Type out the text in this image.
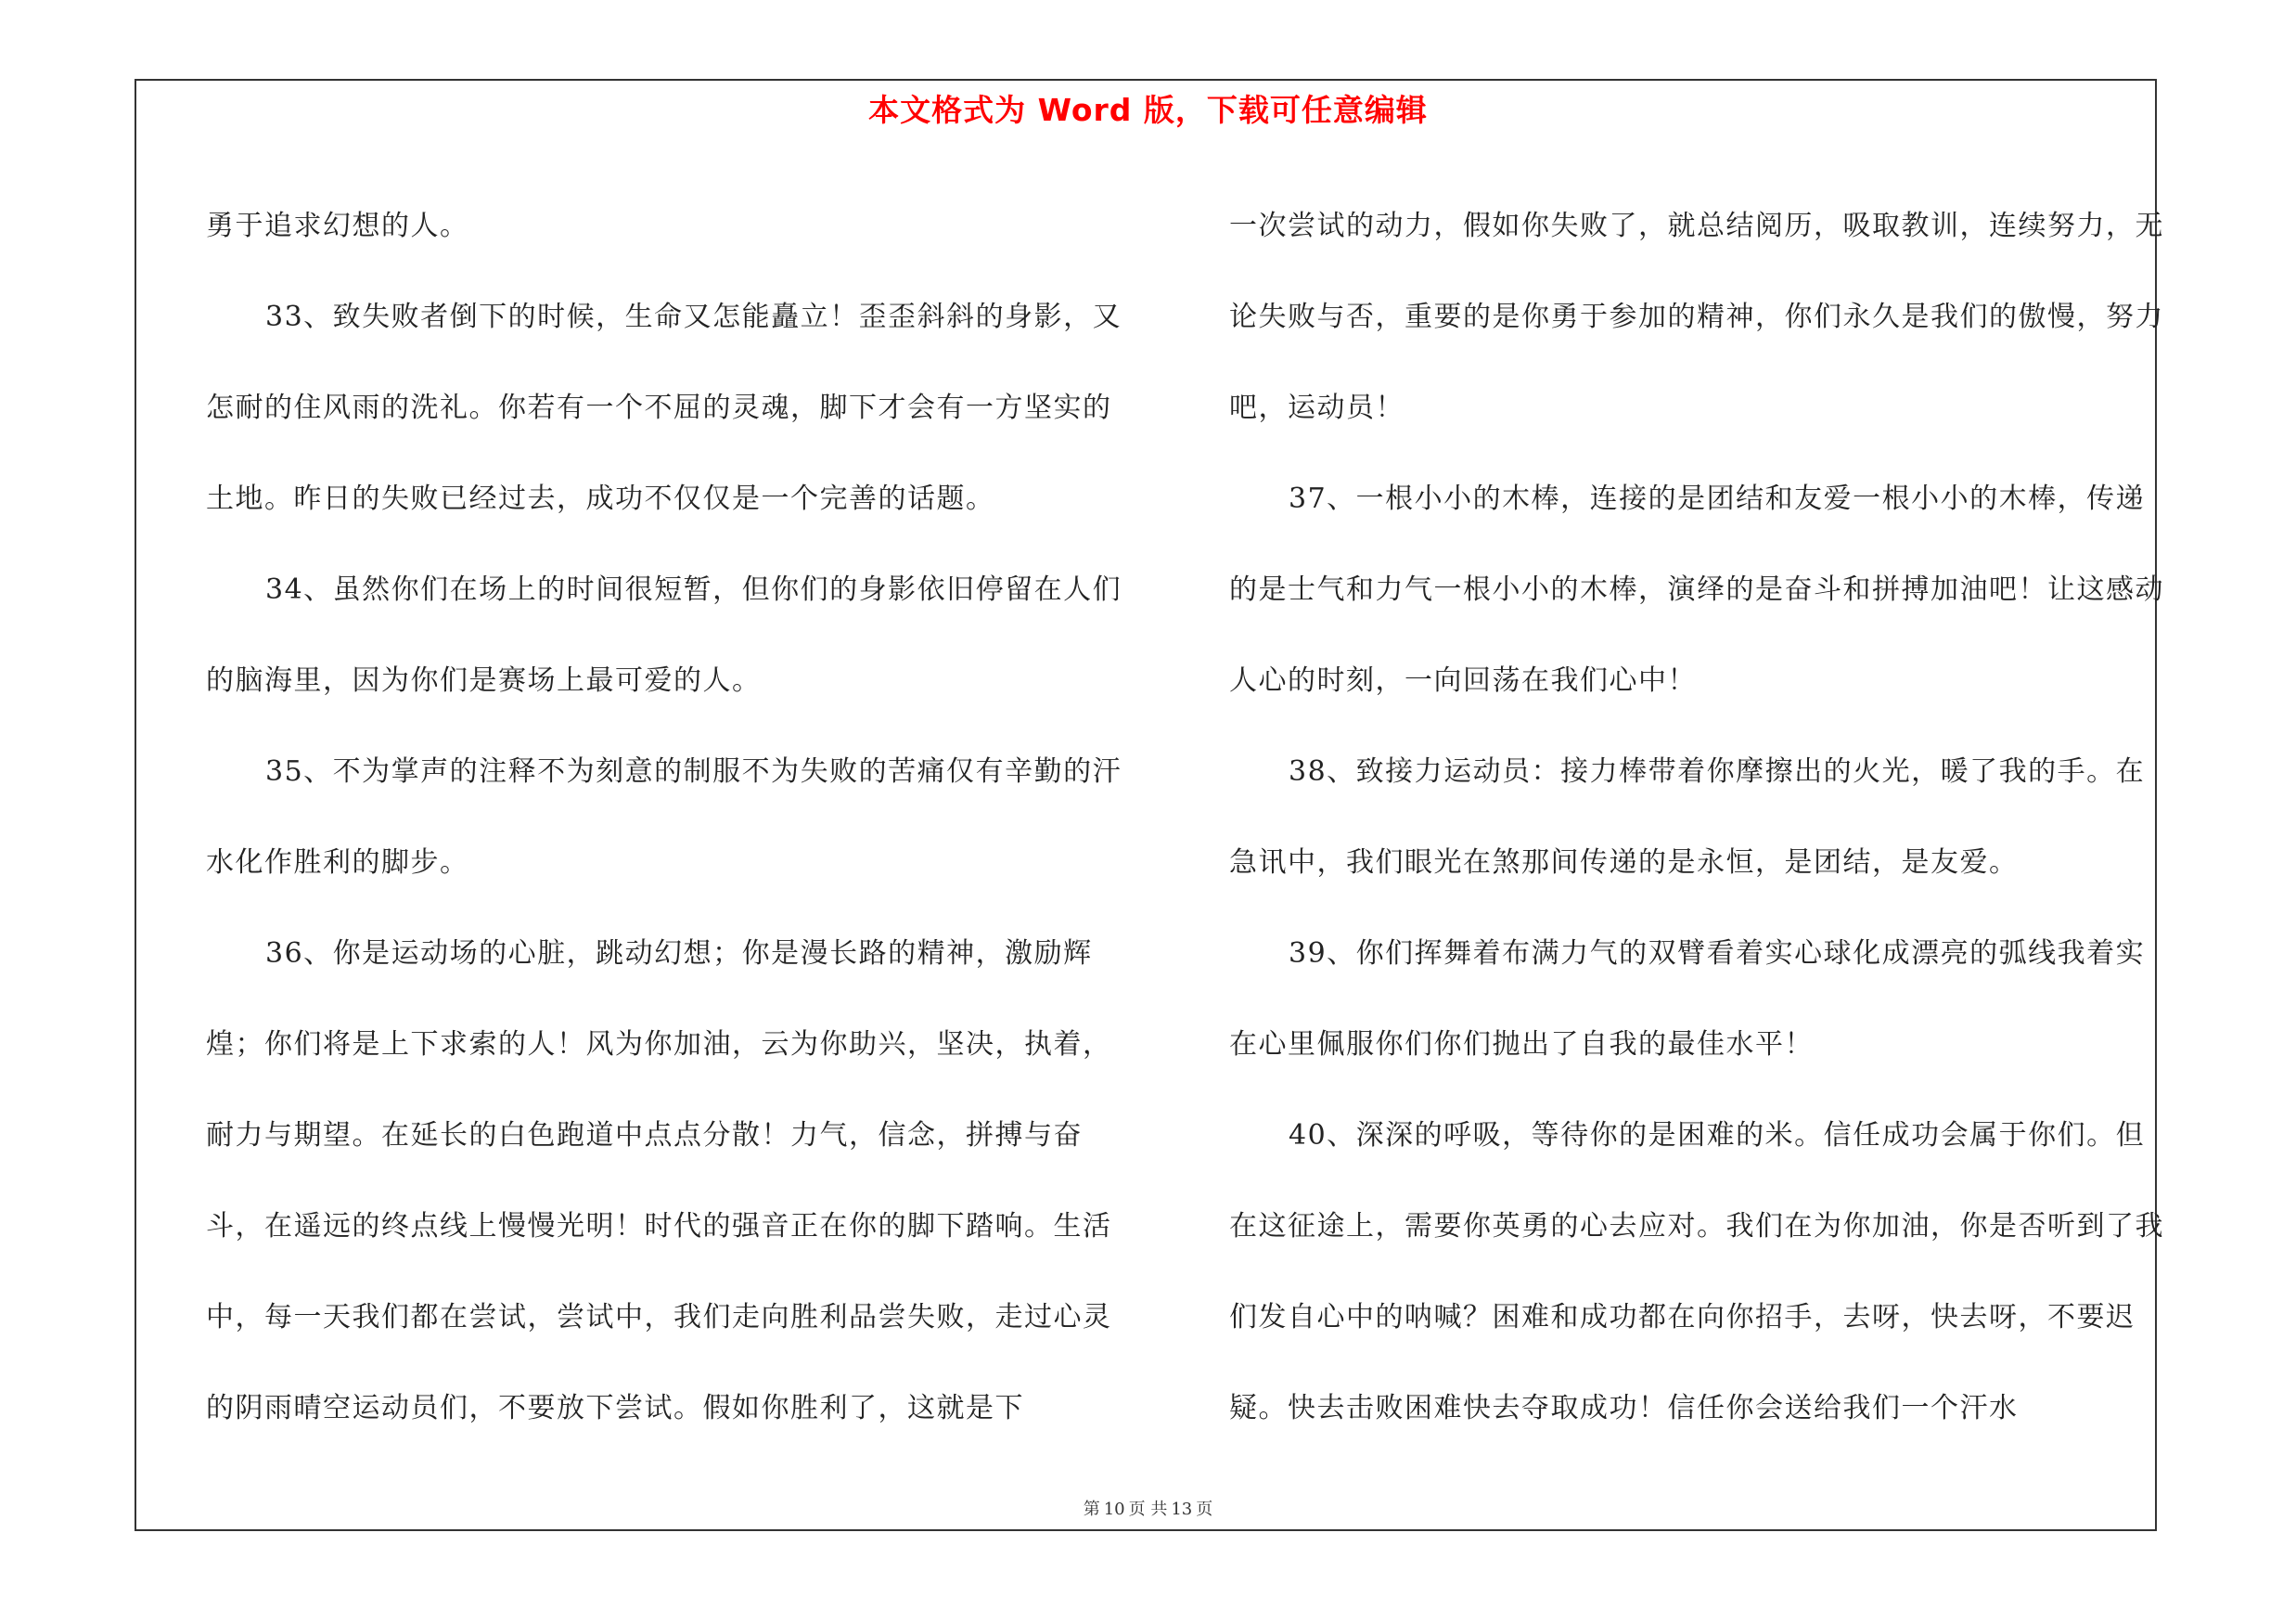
本文格式为 Word 版，下载可任意编辑

勇于追求幻想的人。

33、致失败者倒下的时候，生命又怎能矗立！歪歪斜斜的身影，又怎耐的住风雨的洗礼。你若有一个不屈的灵魂，脚下才会有一方坚实的土地。昨日的失败已经过去，成功不仅仅是一个完善的话题。

34、虽然你们在场上的时间很短暂，但你们的身影依旧停留在人们的脑海里，因为你们是赛场上最可爱的人。

35、不为掌声的注释不为刻意的制服不为失败的苦痛仅有辛勤的汗水化作胜利的脚步。

36、你是运动场的心脏，跳动幻想；你是漫长路的精神，激励辉煌；你们将是上下求索的人！风为你加油，云为你助兴，坚决，执着，耐力与期望。在延长的白色跑道中点点分散！力气，信念，拼搏与奋斗，在遥远的终点线上慢慢光明！时代的强音正在你的脚下踏响。生活中，每一天我们都在尝试，尝试中，我们走向胜利品尝失败，走过心灵的阴雨晴空运动员们，不要放下尝试。假如你胜利了，这就是下

一次尝试的动力，假如你失败了，就总结阅历，吸取教训，连续努力，无论失败与否，重要的是你勇于参加的精神，你们永久是我们的傲慢，努力吧，运动员！

37、一根小小的木棒，连接的是团结和友爱一根小小的木棒，传递的是士气和力气一根小小的木棒，演绎的是奋斗和拼搏加油吧！让这感动人心的时刻，一向回荡在我们心中！

38、致接力运动员：接力棒带着你摩擦出的火光，暖了我的手。在急讯中，我们眼光在煞那间传递的是永恒，是团结，是友爱。

39、你们挥舞着布满力气的双臂看着实心球化成漂亮的弧线我着实在心里佩服你们你们抛出了自我的最佳水平！

40、深深的呼吸，等待你的是困难的米。信任成功会属于你们。但在这征途上，需要你英勇的心去应对。我们在为你加油，你是否听到了我们发自心中的呐喊？困难和成功都在向你招手，去呀，快去呀，不要迟疑。快去击败困难快去夺取成功！信任你会送给我们一个汗水

第 10 页 共 13 页
